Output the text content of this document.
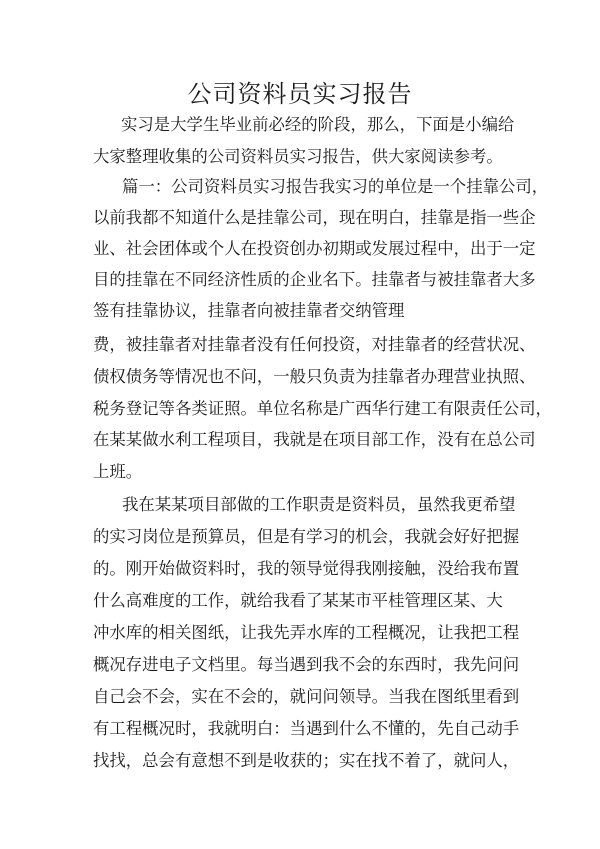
公司资料员实习报告
实习是大学生毕业前必经的阶段，那么，下面是小编给
大家整理收集的公司资料员实习报告，供大家阅读参考。
篇一：公司资料员实习报告我实习的单位是一个挂靠公司，
以前我都不知道什么是挂靠公司，现在明白，挂靠是指一些企
业、社会团体或个人在投资创办初期或发展过程中，出于一定
目的挂靠在不同经济性质的企业名下。挂靠者与被挂靠者大多
签有挂靠协议，挂靠者向被挂靠者交纳管理
费，被挂靠者对挂靠者没有任何投资，对挂靠者的经营状况、
债权债务等情况也不问，一般只负责为挂靠者办理营业执照、
税务登记等各类证照。单位名称是广西华行建工有限责任公司，
在某某做水利工程项目，我就是在项目部工作，没有在总公司
上班。
我在某某项目部做的工作职责是资料员，虽然我更希望
的实习岗位是预算员，但是有学习的机会，我就会好好把握
的。刚开始做资料时，我的领导觉得我刚接触，没给我布置
什么高难度的工作，就给我看了某某市平桂管理区某、大
冲水库的相关图纸，让我先弄水库的工程概况，让我把工程
概况存进电子文档里。每当遇到我不会的东西时，我先问问
自己会不会，实在不会的，就问问领导。当我在图纸里看到
有工程概况时，我就明白：当遇到什么不懂的，先自己动手
找找，总会有意想不到是收获的；实在找不着了，就问人，
